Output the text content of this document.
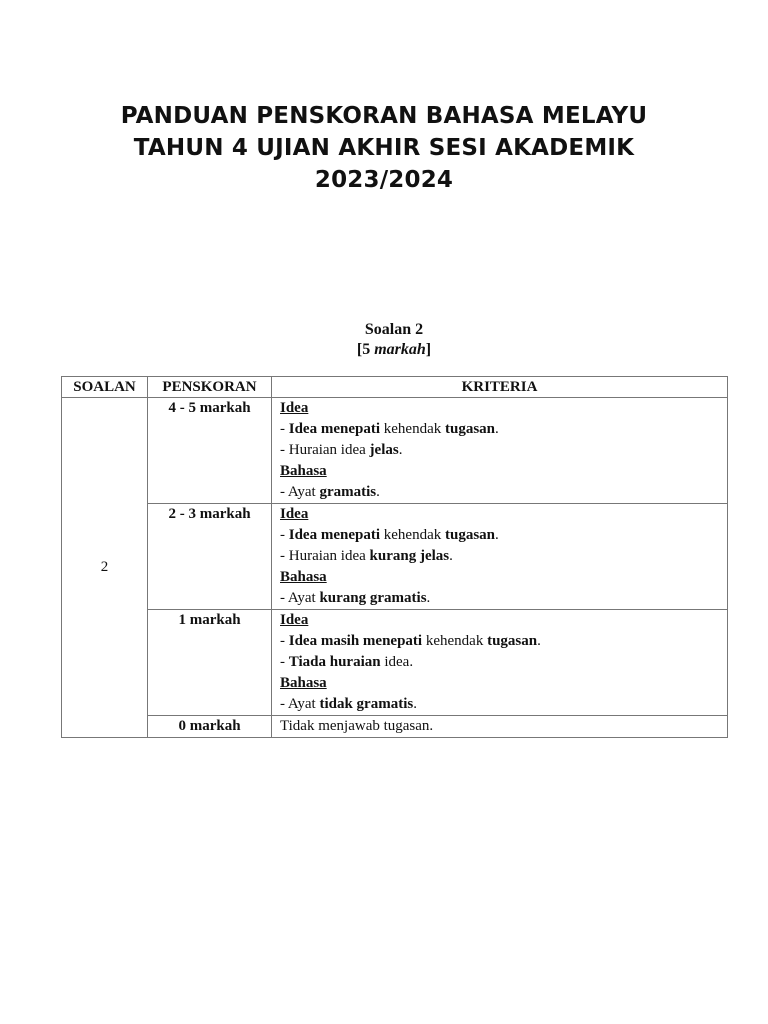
PANDUAN PENSKORAN BAHASA MELAYU
TAHUN 4 UJIAN AKHIR SESI AKADEMIK
2023/2024
Soalan 2
[5 markah]
SOALAN	PENSKORAN	KRITERIA
2	4 - 5 markah	Idea
- Idea menepati kehendak tugasan.
- Huraian idea jelas.
Bahasa
- Ayat gramatis.

	2 - 3 markah	Idea
- Idea menepati kehendak tugasan.
- Huraian idea kurang jelas.
Bahasa
- Ayat kurang gramatis.

	1 markah	Idea
- Idea masih menepati kehendak tugasan.
- Tiada huraian idea.
Bahasa
- Ayat tidak gramatis.

	0 markah	Tidak menjawab tugasan.
